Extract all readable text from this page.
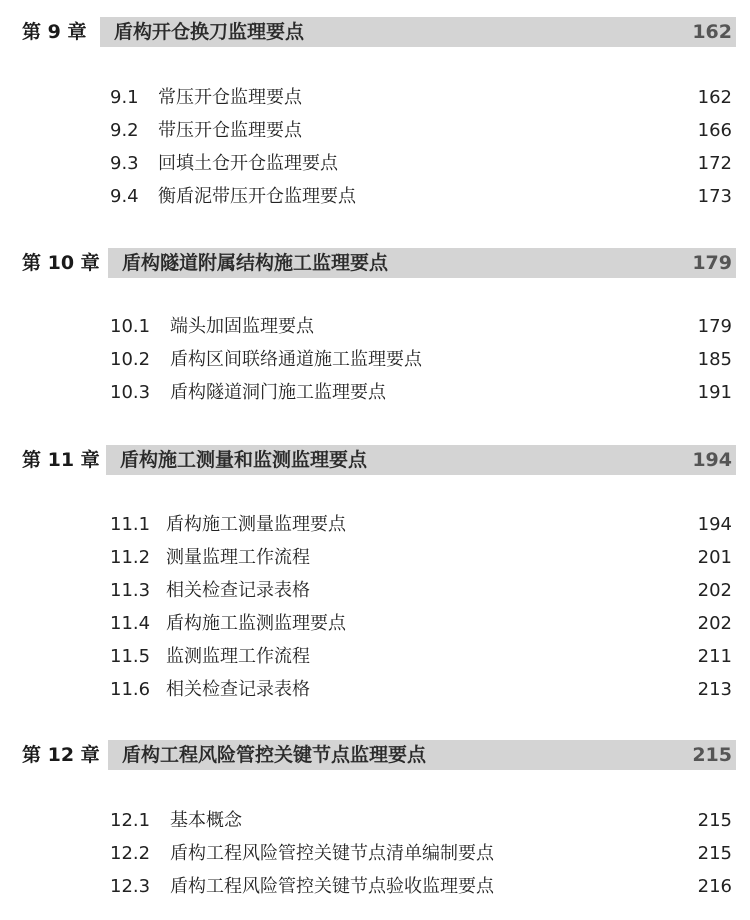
第 9 章 盾构开仓换刀监理要点	162
9.1 常压开仓监理要点	162
9.2 带压开仓监理要点	166
9.3 回填土仓开仓监理要点	172
9.4 衡盾泥带压开仓监理要点	173
第 10 章 盾构隧道附属结构施工监理要点	179
10.1 端头加固监理要点	179
10.2 盾构区间联络通道施工监理要点	185
10.3 盾构隧道洞门施工监理要点	191
第 11 章 盾构施工测量和监测监理要点	194
11.1 盾构施工测量监理要点	194
11.2 测量监理工作流程	201
11.3 相关检查记录表格	202
11.4 盾构施工监测监理要点	202
11.5 监测监理工作流程	211
11.6 相关检查记录表格	213
第 12 章 盾构工程风险管控关键节点监理要点	215
12.1 基本概念	215
12.2 盾构工程风险管控关键节点清单编制要点	215
12.3 盾构工程风险管控关键节点验收监理要点	216
